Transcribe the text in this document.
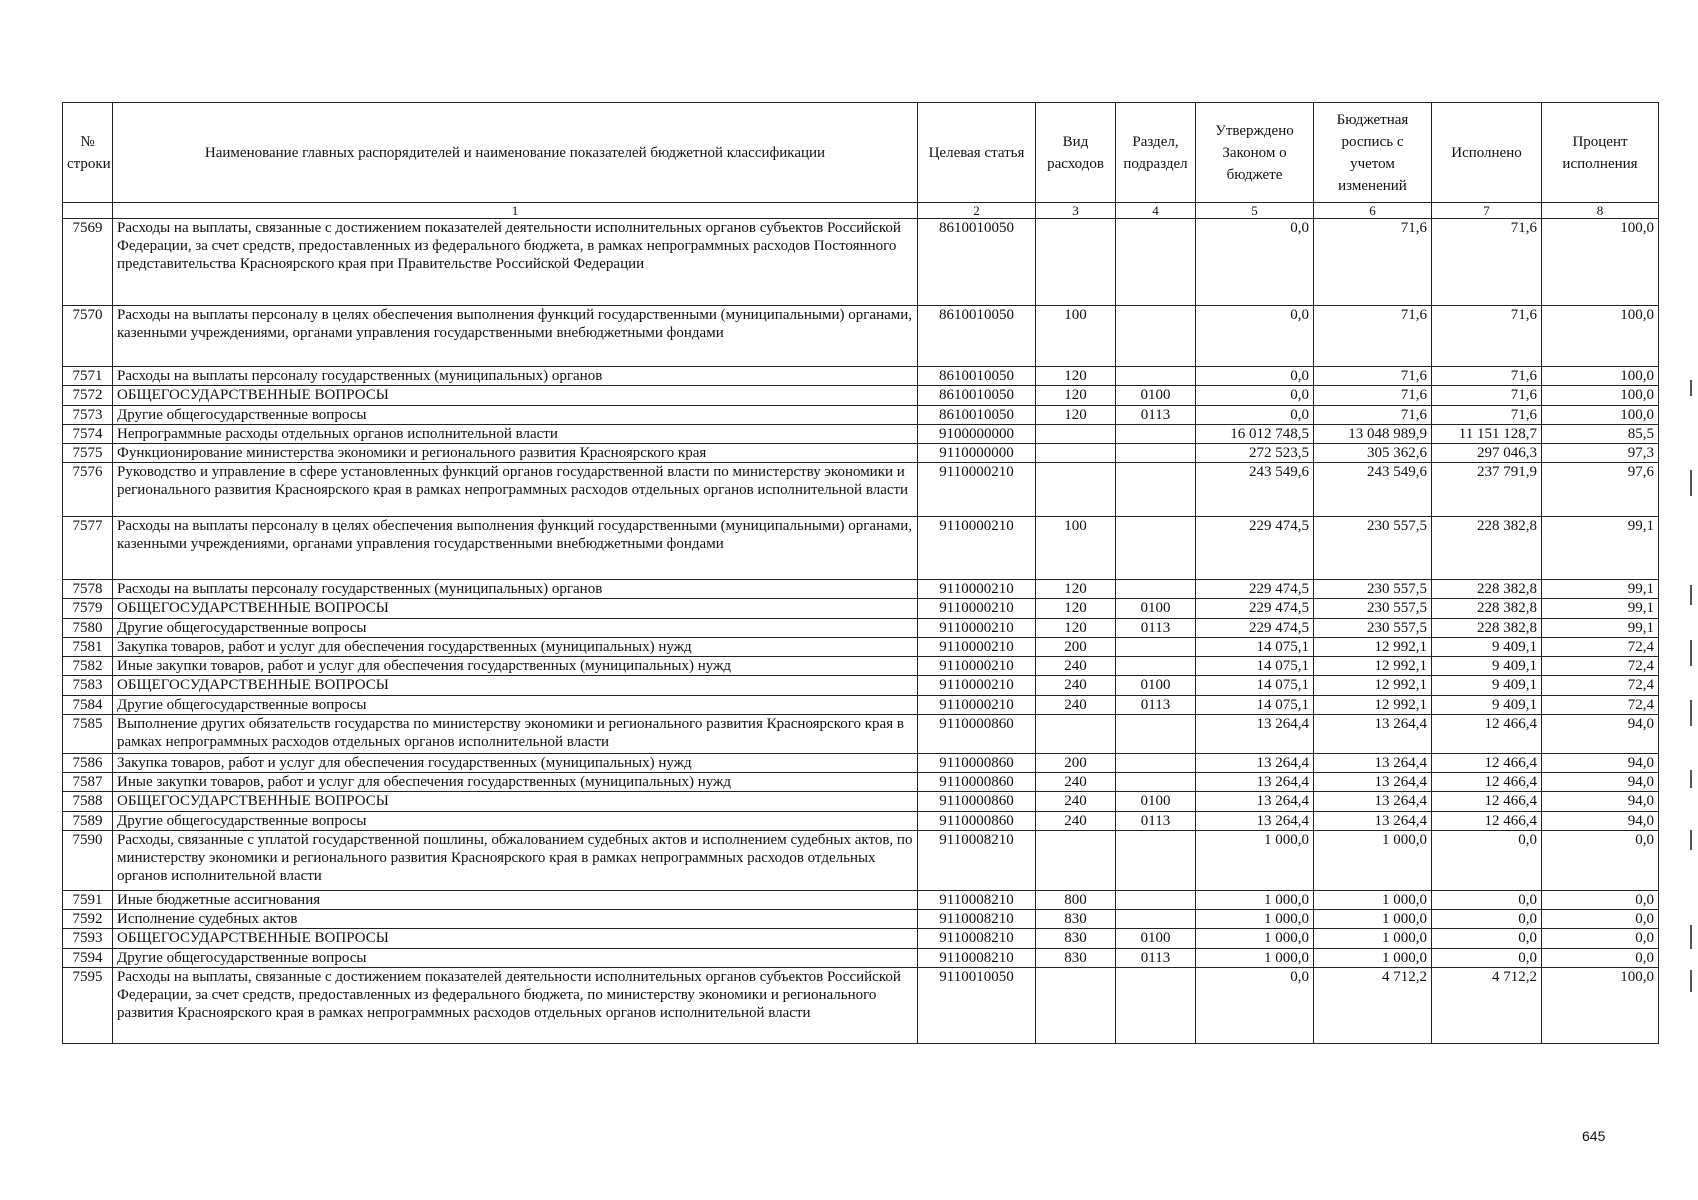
№ строки	Наименование главных распорядителей и наименование показателей бюджетной классификации	Целевая статья	Вид расходов	Раздел, подраздел	Утверждено Законом о бюджете	Бюджетная роспись с учетом изменений	Исполнено	Процент исполнения
	1	2	3	4	5	6	7	8
7569	Расходы на выплаты, связанные с достижением показателей деятельности исполнительных органов субъектов Российской Федерации, за счет средств, предоставленных из федерального бюджета, в рамках непрограммных расходов Постоянного представительства Красноярского края при Правительстве Российской Федерации	8610010050			0,0	71,6	71,6	100,0
7570	Расходы на выплаты персоналу в целях обеспечения выполнения функций государственными (муниципальными) органами, казенными учреждениями, органами управления государственными внебюджетными фондами	8610010050	100		0,0	71,6	71,6	100,0
7571	Расходы на выплаты персоналу государственных (муниципальных) органов	8610010050	120		0,0	71,6	71,6	100,0
7572	ОБЩЕГОСУДАРСТВЕННЫЕ ВОПРОСЫ	8610010050	120	0100	0,0	71,6	71,6	100,0
7573	Другие общегосударственные вопросы	8610010050	120	0113	0,0	71,6	71,6	100,0
7574	Непрограммные расходы отдельных органов исполнительной власти	9100000000			16 012 748,5	13 048 989,9	11 151 128,7	85,5
7575	Функционирование министерства экономики и регионального развития Красноярского края	9110000000			272 523,5	305 362,6	297 046,3	97,3
7576	Руководство и управление в сфере установленных функций органов государственной власти по министерству экономики и регионального развития Красноярского края в рамках непрограммных расходов отдельных органов исполнительной власти	9110000210			243 549,6	243 549,6	237 791,9	97,6
7577	Расходы на выплаты персоналу в целях обеспечения выполнения функций государственными (муниципальными) органами, казенными учреждениями, органами управления государственными внебюджетными фондами	9110000210	100		229 474,5	230 557,5	228 382,8	99,1
7578	Расходы на выплаты персоналу государственных (муниципальных) органов	9110000210	120		229 474,5	230 557,5	228 382,8	99,1
7579	ОБЩЕГОСУДАРСТВЕННЫЕ ВОПРОСЫ	9110000210	120	0100	229 474,5	230 557,5	228 382,8	99,1
7580	Другие общегосударственные вопросы	9110000210	120	0113	229 474,5	230 557,5	228 382,8	99,1
7581	Закупка товаров, работ и услуг для обеспечения государственных (муниципальных) нужд	9110000210	200		14 075,1	12 992,1	9 409,1	72,4
7582	Иные закупки товаров, работ и услуг для обеспечения государственных (муниципальных) нужд	9110000210	240		14 075,1	12 992,1	9 409,1	72,4
7583	ОБЩЕГОСУДАРСТВЕННЫЕ ВОПРОСЫ	9110000210	240	0100	14 075,1	12 992,1	9 409,1	72,4
7584	Другие общегосударственные вопросы	9110000210	240	0113	14 075,1	12 992,1	9 409,1	72,4
7585	Выполнение других обязательств государства по министерству экономики и регионального развития Красноярского края в рамках непрограммных расходов отдельных органов исполнительной власти	9110000860			13 264,4	13 264,4	12 466,4	94,0
7586	Закупка товаров, работ и услуг для обеспечения государственных (муниципальных) нужд	9110000860	200		13 264,4	13 264,4	12 466,4	94,0
7587	Иные закупки товаров, работ и услуг для обеспечения государственных (муниципальных) нужд	9110000860	240		13 264,4	13 264,4	12 466,4	94,0
7588	ОБЩЕГОСУДАРСТВЕННЫЕ ВОПРОСЫ	9110000860	240	0100	13 264,4	13 264,4	12 466,4	94,0
7589	Другие общегосударственные вопросы	9110000860	240	0113	13 264,4	13 264,4	12 466,4	94,0
7590	Расходы, связанные с уплатой государственной пошлины, обжалованием судебных актов и исполнением судебных актов, по министерству экономики и регионального развития Красноярского края в рамках непрограммных расходов отдельных органов исполнительной власти	9110008210			1 000,0	1 000,0	0,0	0,0
7591	Иные бюджетные ассигнования	9110008210	800		1 000,0	1 000,0	0,0	0,0
7592	Исполнение судебных актов	9110008210	830		1 000,0	1 000,0	0,0	0,0
7593	ОБЩЕГОСУДАРСТВЕННЫЕ ВОПРОСЫ	9110008210	830	0100	1 000,0	1 000,0	0,0	0,0
7594	Другие общегосударственные вопросы	9110008210	830	0113	1 000,0	1 000,0	0,0	0,0
7595	Расходы на выплаты, связанные с достижением показателей деятельности исполнительных органов субъектов Российской Федерации, за счет средств, предоставленных из федерального бюджета, по министерству экономики и регионального развития Красноярского края в рамках непрограммных расходов отдельных органов исполнительной власти	9110010050			0,0	4 712,2	4 712,2	100,0
645
